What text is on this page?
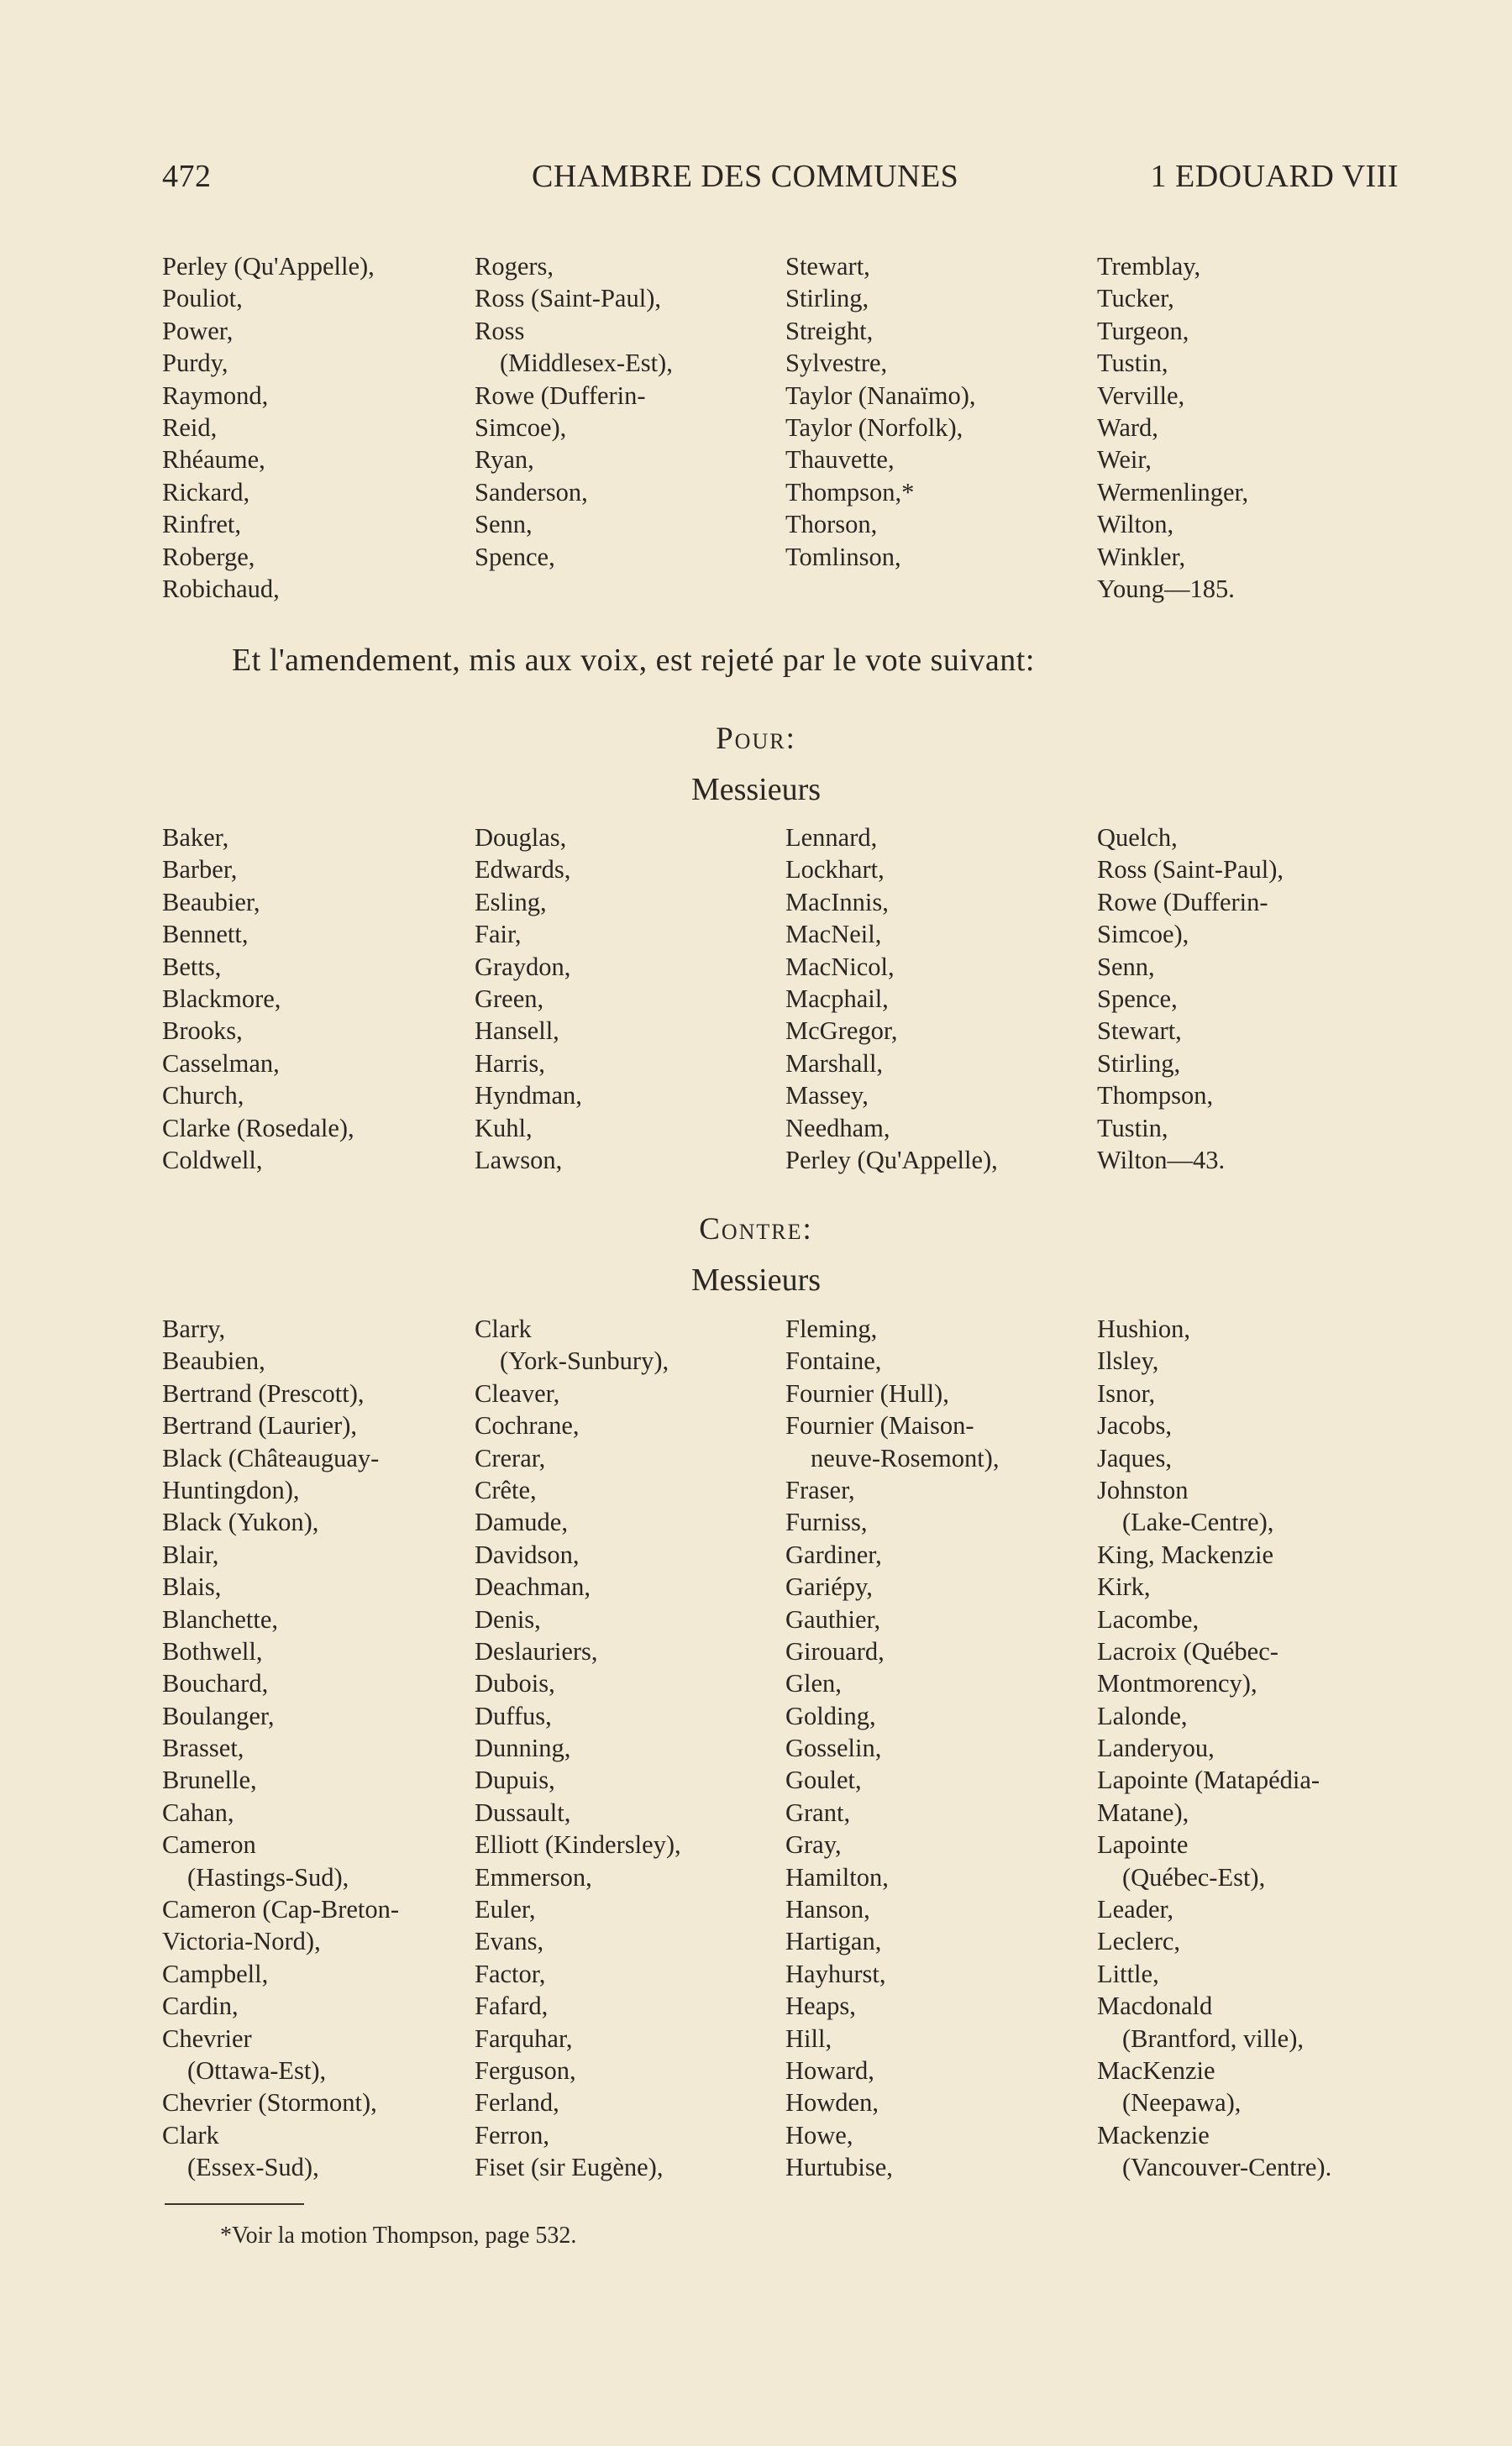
472	CHAMBRE DES COMMUNES	1 EDOUARD VIII
Perley (Qu'Appelle),
Pouliot,
Power,
Purdy,
Raymond,
Reid,
Rhéaume,
Rickard,
Rinfret,
Roberge,
Robichaud,
Rogers,
Ross (Saint-Paul),
Ross
(Middlesex-Est),
Rowe (Dufferin-
Simcoe),
Ryan,
Sanderson,
Senn,
Spence,
Stewart,
Stirling,
Streight,
Sylvestre,
Taylor (Nanaïmo),
Taylor (Norfolk),
Thauvette,
Thompson,*
Thorson,
Tomlinson,
Tremblay,
Tucker,
Turgeon,
Tustin,
Verville,
Ward,
Weir,
Wermenlinger,
Wilton,
Winkler,
Young—185.
Et l'amendement, mis aux voix, est rejeté par le vote suivant:
Pour:
Messieurs
Baker,
Barber,
Beaubier,
Bennett,
Betts,
Blackmore,
Brooks,
Casselman,
Church,
Clarke (Rosedale),
Coldwell,
Douglas,
Edwards,
Esling,
Fair,
Graydon,
Green,
Hansell,
Harris,
Hyndman,
Kuhl,
Lawson,
Lennard,
Lockhart,
MacInnis,
MacNeil,
MacNicol,
Macphail,
McGregor,
Marshall,
Massey,
Needham,
Perley (Qu'Appelle),
Quelch,
Ross (Saint-Paul),
Rowe (Dufferin-
Simcoe),
Senn,
Spence,
Stewart,
Stirling,
Thompson,
Tustin,
Wilton—43.
Contre:
Messieurs
Barry,
Beaubien,
Bertrand (Prescott),
Bertrand (Laurier),
Black (Châteauguay-
Huntingdon),
Black (Yukon),
Blair,
Blais,
Blanchette,
Bothwell,
Bouchard,
Boulanger,
Brasset,
Brunelle,
Cahan,
Cameron
(Hastings-Sud),
Cameron (Cap-Breton-
Victoria-Nord),
Campbell,
Cardin,
Chevrier
(Ottawa-Est),
Chevrier (Stormont),
Clark
(Essex-Sud),
Clark
(York-Sunbury),
Cleaver,
Cochrane,
Crerar,
Crête,
Damude,
Davidson,
Deachman,
Denis,
Deslauriers,
Dubois,
Duffus,
Dunning,
Dupuis,
Dussault,
Elliott (Kindersley),
Emmerson,
Euler,
Evans,
Factor,
Fafard,
Farquhar,
Ferguson,
Ferland,
Ferron,
Fiset (sir Eugène),
Fleming,
Fontaine,
Fournier (Hull),
Fournier (Maison-
neuve-Rosemont),
Fraser,
Furniss,
Gardiner,
Gariépy,
Gauthier,
Girouard,
Glen,
Golding,
Gosselin,
Goulet,
Grant,
Gray,
Hamilton,
Hanson,
Hartigan,
Hayhurst,
Heaps,
Hill,
Howard,
Howden,
Howe,
Hurtubise,
Hushion,
Ilsley,
Isnor,
Jacobs,
Jaques,
Johnston
(Lake-Centre),
King, Mackenzie
Kirk,
Lacombe,
Lacroix (Québec-
Montmorency),
Lalonde,
Landeryou,
Lapointe (Matapédia-
Matane),
Lapointe
(Québec-Est),
Leader,
Leclerc,
Little,
Macdonald
(Brantford, ville),
MacKenzie
(Neepawa),
Mackenzie
(Vancouver-Centre).
*Voir la motion Thompson, page 532.
